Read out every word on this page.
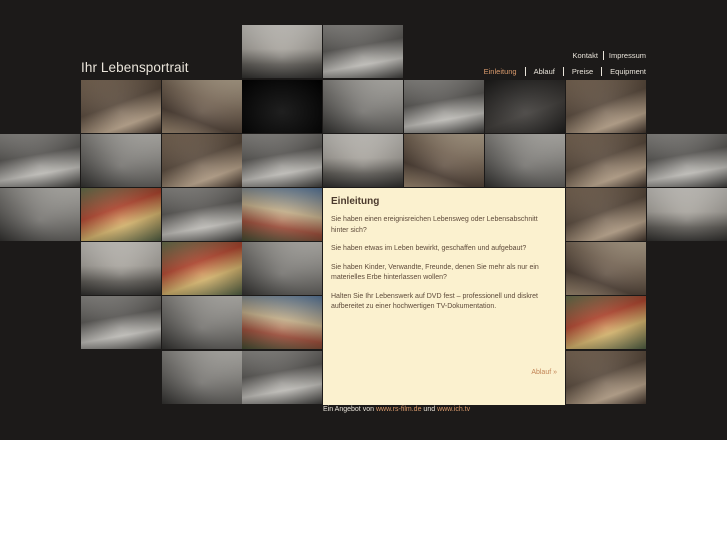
Ihr Lebensportrait
Kontakt Impressum
Einleitung Ablauf Preise Equipment
Einleitung

Sie haben einen ereignisreichen Lebensweg oder Lebensabschnitt hinter sich?

Sie haben etwas im Leben bewirkt, geschaffen und aufgebaut?

Sie haben Kinder, Verwandte, Freunde, denen Sie mehr als nur ein materielles Erbe hinterlassen wollen?

Halten Sie Ihr Lebenswerk auf DVD fest – professionell und diskret aufbereitet zu einer hochwertigen TV-Dokumentation.

Ablauf »
Ein Angebot von www.rs-film.de und www.ich.tv
